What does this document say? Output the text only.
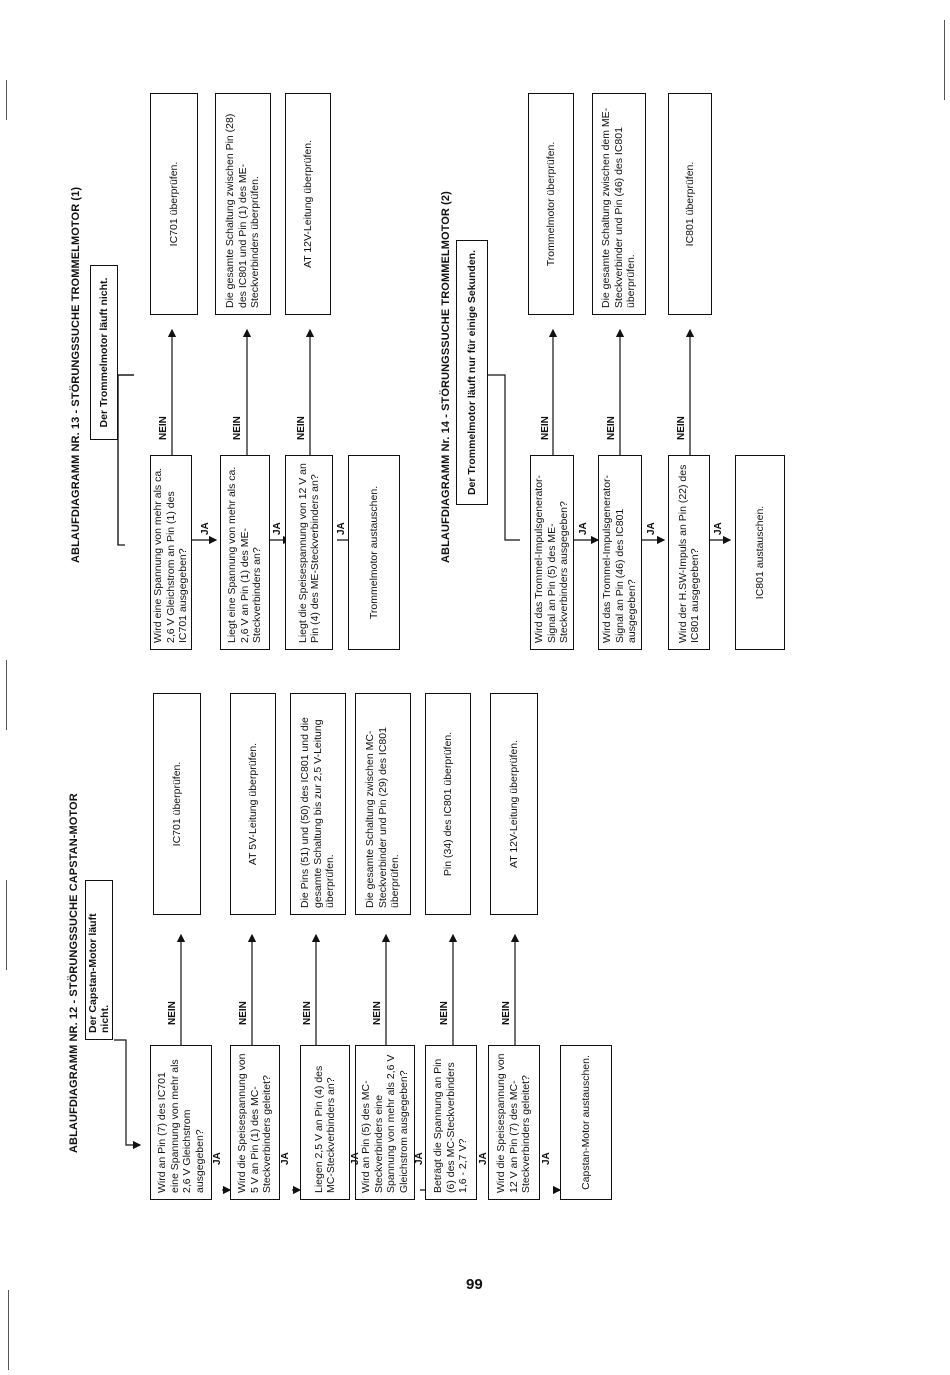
99
ABLAUFDIAGRAMM NR. 12 - STÖRUNGSSUCHE CAPSTAN-MOTOR Der Capstan-Motor läuft nicht.
Wird an Pin (7) des IC701 eine Spannung von mehr als 2,6 V Gleichstrom ausgegeben?	Wird die Speisespannung von 5 V an Pin (1) des MC-Steckverbinders geleitet?	Liegen 2,5 V an Pin (4) des MC-Steckverbinders an?	Wird an Pin (5) des MC-Steckverbinders eine Spannung von mehr als 2,6 V Gleichstrom ausgegeben?	Beträgt die Spannung an Pin (6) des MC-Steckverbinders 1,6 - 2,7 V?	Wird die Speisespannung von 12 V an Pin (7) des MC-Steckverbinders geleitet?	Capstan-Motor austauschen.
IC701 überprüfen.	AT 5V-Leitung überprüfen.	Die Pins (51) und (50) des IC801 und die gesamte Schaltung bis zur 2,5 V-Leitung überprüfen.	Die gesamte Schaltung zwischen MC-Steckverbinder und Pin (29) des IC801 überprüfen.
Pin (34) des IC801 überprüfen.	AT 12V-Leitung überprüfen.
JA	JA	JA	JA	JA	JA
NEIN	NEIN	NEIN	NEIN	NEIN	NEIN
ABLAUFDIAGRAMM NR. 13 - STÖRUNGSSUCHE TROMMELMOTOR (1)	Der Trommelmotor läuft nicht.
Wird eine Spannung von mehr als ca. 2,6 V Gleichstrom an Pin (1) des IC701 ausgegeben?	Liegt eine Spannung von mehr als ca. 2,6 V an Pin (1) des ME-Steckverbinders an?	Liegt die Speisespannung von 12 V an Pin (4) des ME-Steckverbinders an?	Trommelmotor austauschen.
IC701 überprüfen.	Die gesamte Schaltung zwischen Pin (28) des IC801 und Pin (1) des ME-Steckverbinders überprüfen.	AT 12V-Leitung überprüfen.
JA	JA	JA
NEIN	NEIN	NEIN	ABLAUFDIAGRAMM Nr. 14 - STÖRUNGSSUCHE TROMMELMOTOR (2)	Der Trommelmotor läuft nur für einige Sekunden.
Wird das Trommel-Impulsgenerator-Signal an Pin (5) des ME-Steckverbinders ausgegeben?	Wird das Trommel-Impulsgenerator-Signal an Pin (46) des IC801 ausgegeben?	Wird der H.SW-Impuls an Pin (22) des IC801 ausgegeben?	IC801 austauschen.
Trommelmotor überprüfen.	Die gesamte Schaltung zwischen dem ME-Steckverbinder und Pin (46) des IC801 überprüfen.
IC801 überprüfen.
JA	JA	JA
NEIN	NEIN	NEIN
